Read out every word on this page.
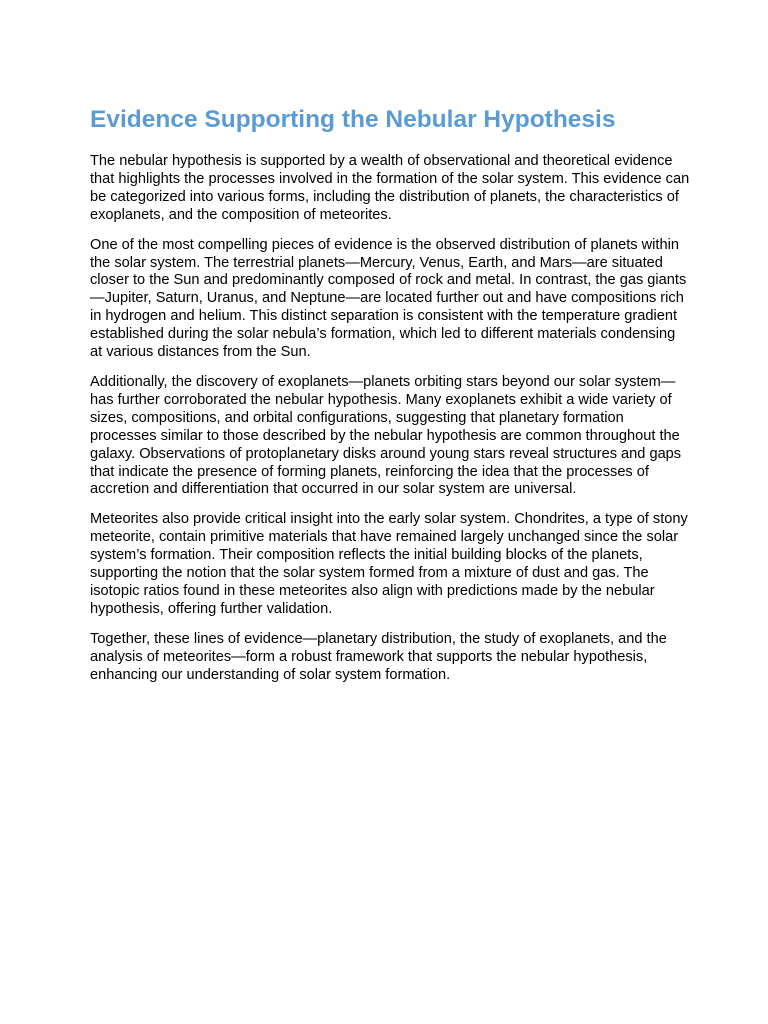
Evidence Supporting the Nebular Hypothesis

The nebular hypothesis is supported by a wealth of observational and theoretical evidence that highlights the processes involved in the formation of the solar system. This evidence can be categorized into various forms, including the distribution of planets, the characteristics of exoplanets, and the composition of meteorites.

One of the most compelling pieces of evidence is the observed distribution of planets within the solar system. The terrestrial planets—Mercury, Venus, Earth, and Mars—are situated closer to the Sun and predominantly composed of rock and metal. In contrast, the gas giants—Jupiter, Saturn, Uranus, and Neptune—are located further out and have compositions rich in hydrogen and helium. This distinct separation is consistent with the temperature gradient established during the solar nebula’s formation, which led to different materials condensing at various distances from the Sun.

Additionally, the discovery of exoplanets—planets orbiting stars beyond our solar system—has further corroborated the nebular hypothesis. Many exoplanets exhibit a wide variety of sizes, compositions, and orbital configurations, suggesting that planetary formation processes similar to those described by the nebular hypothesis are common throughout the galaxy. Observations of protoplanetary disks around young stars reveal structures and gaps that indicate the presence of forming planets, reinforcing the idea that the processes of accretion and differentiation that occurred in our solar system are universal.

Meteorites also provide critical insight into the early solar system. Chondrites, a type of stony meteorite, contain primitive materials that have remained largely unchanged since the solar system’s formation. Their composition reflects the initial building blocks of the planets, supporting the notion that the solar system formed from a mixture of dust and gas. The isotopic ratios found in these meteorites also align with predictions made by the nebular hypothesis, offering further validation.

Together, these lines of evidence—planetary distribution, the study of exoplanets, and the analysis of meteorites—form a robust framework that supports the nebular hypothesis, enhancing our understanding of solar system formation.
